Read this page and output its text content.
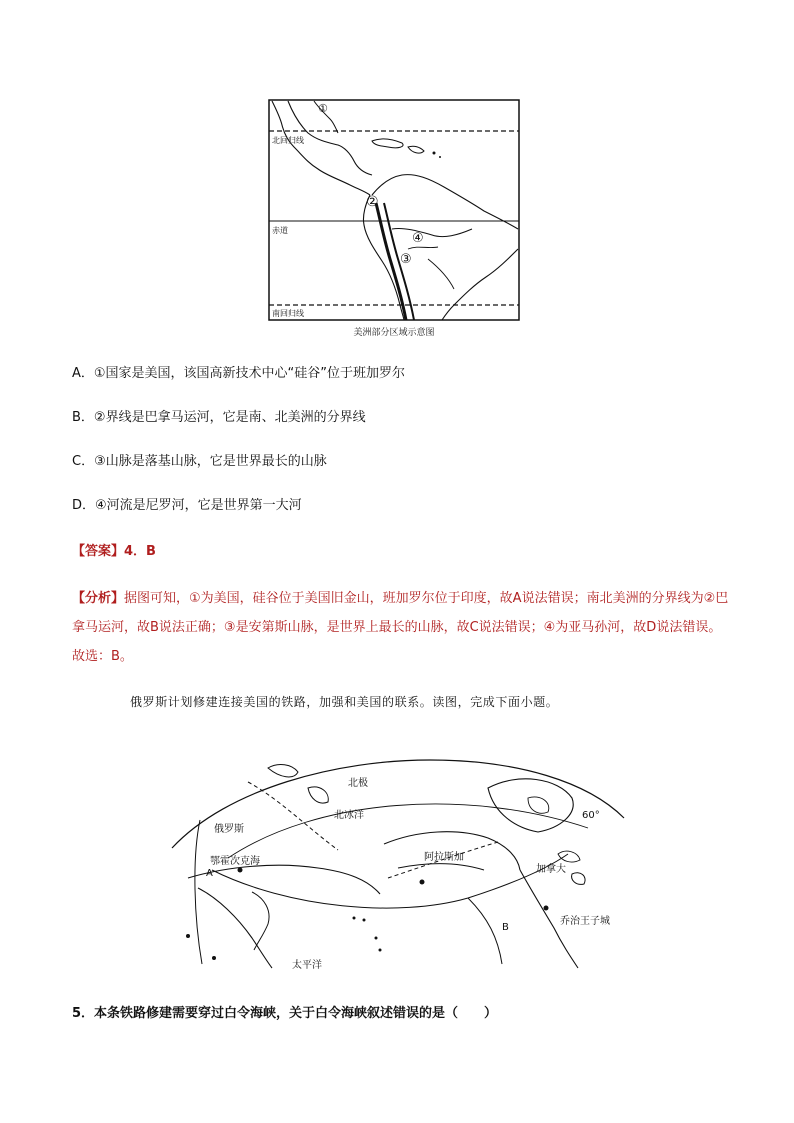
北回归线
赤道
南回归线
①
②
③
④
美洲部分区域示意图
A．①国家是美国，该国高新技术中心“硅谷”位于班加罗尔
B．②界线是巴拿马运河，它是南、北美洲的分界线
C．③山脉是落基山脉，它是世界最长的山脉
D．④河流是尼罗河，它是世界第一大河
【答案】4．B
【分析】据图可知，①为美国，硅谷位于美国旧金山，班加罗尔位于印度，故A说法错误；南北美洲的分界线为②巴拿马运河，故B说法正确；③是安第斯山脉，是世界上最长的山脉，故C说法错误；④为亚马孙河，故D说法错误。故选：B。
俄罗斯计划修建连接美国的铁路，加强和美国的联系。读图，完成下面小题。
北极
北冰洋
俄罗斯
鄂霍次克海	阿拉斯加
加拿大
60°
乔治王子城
太平洋
A
B
5．本条铁路修建需要穿过白令海峡，关于白令海峡叙述错误的是（　　）
